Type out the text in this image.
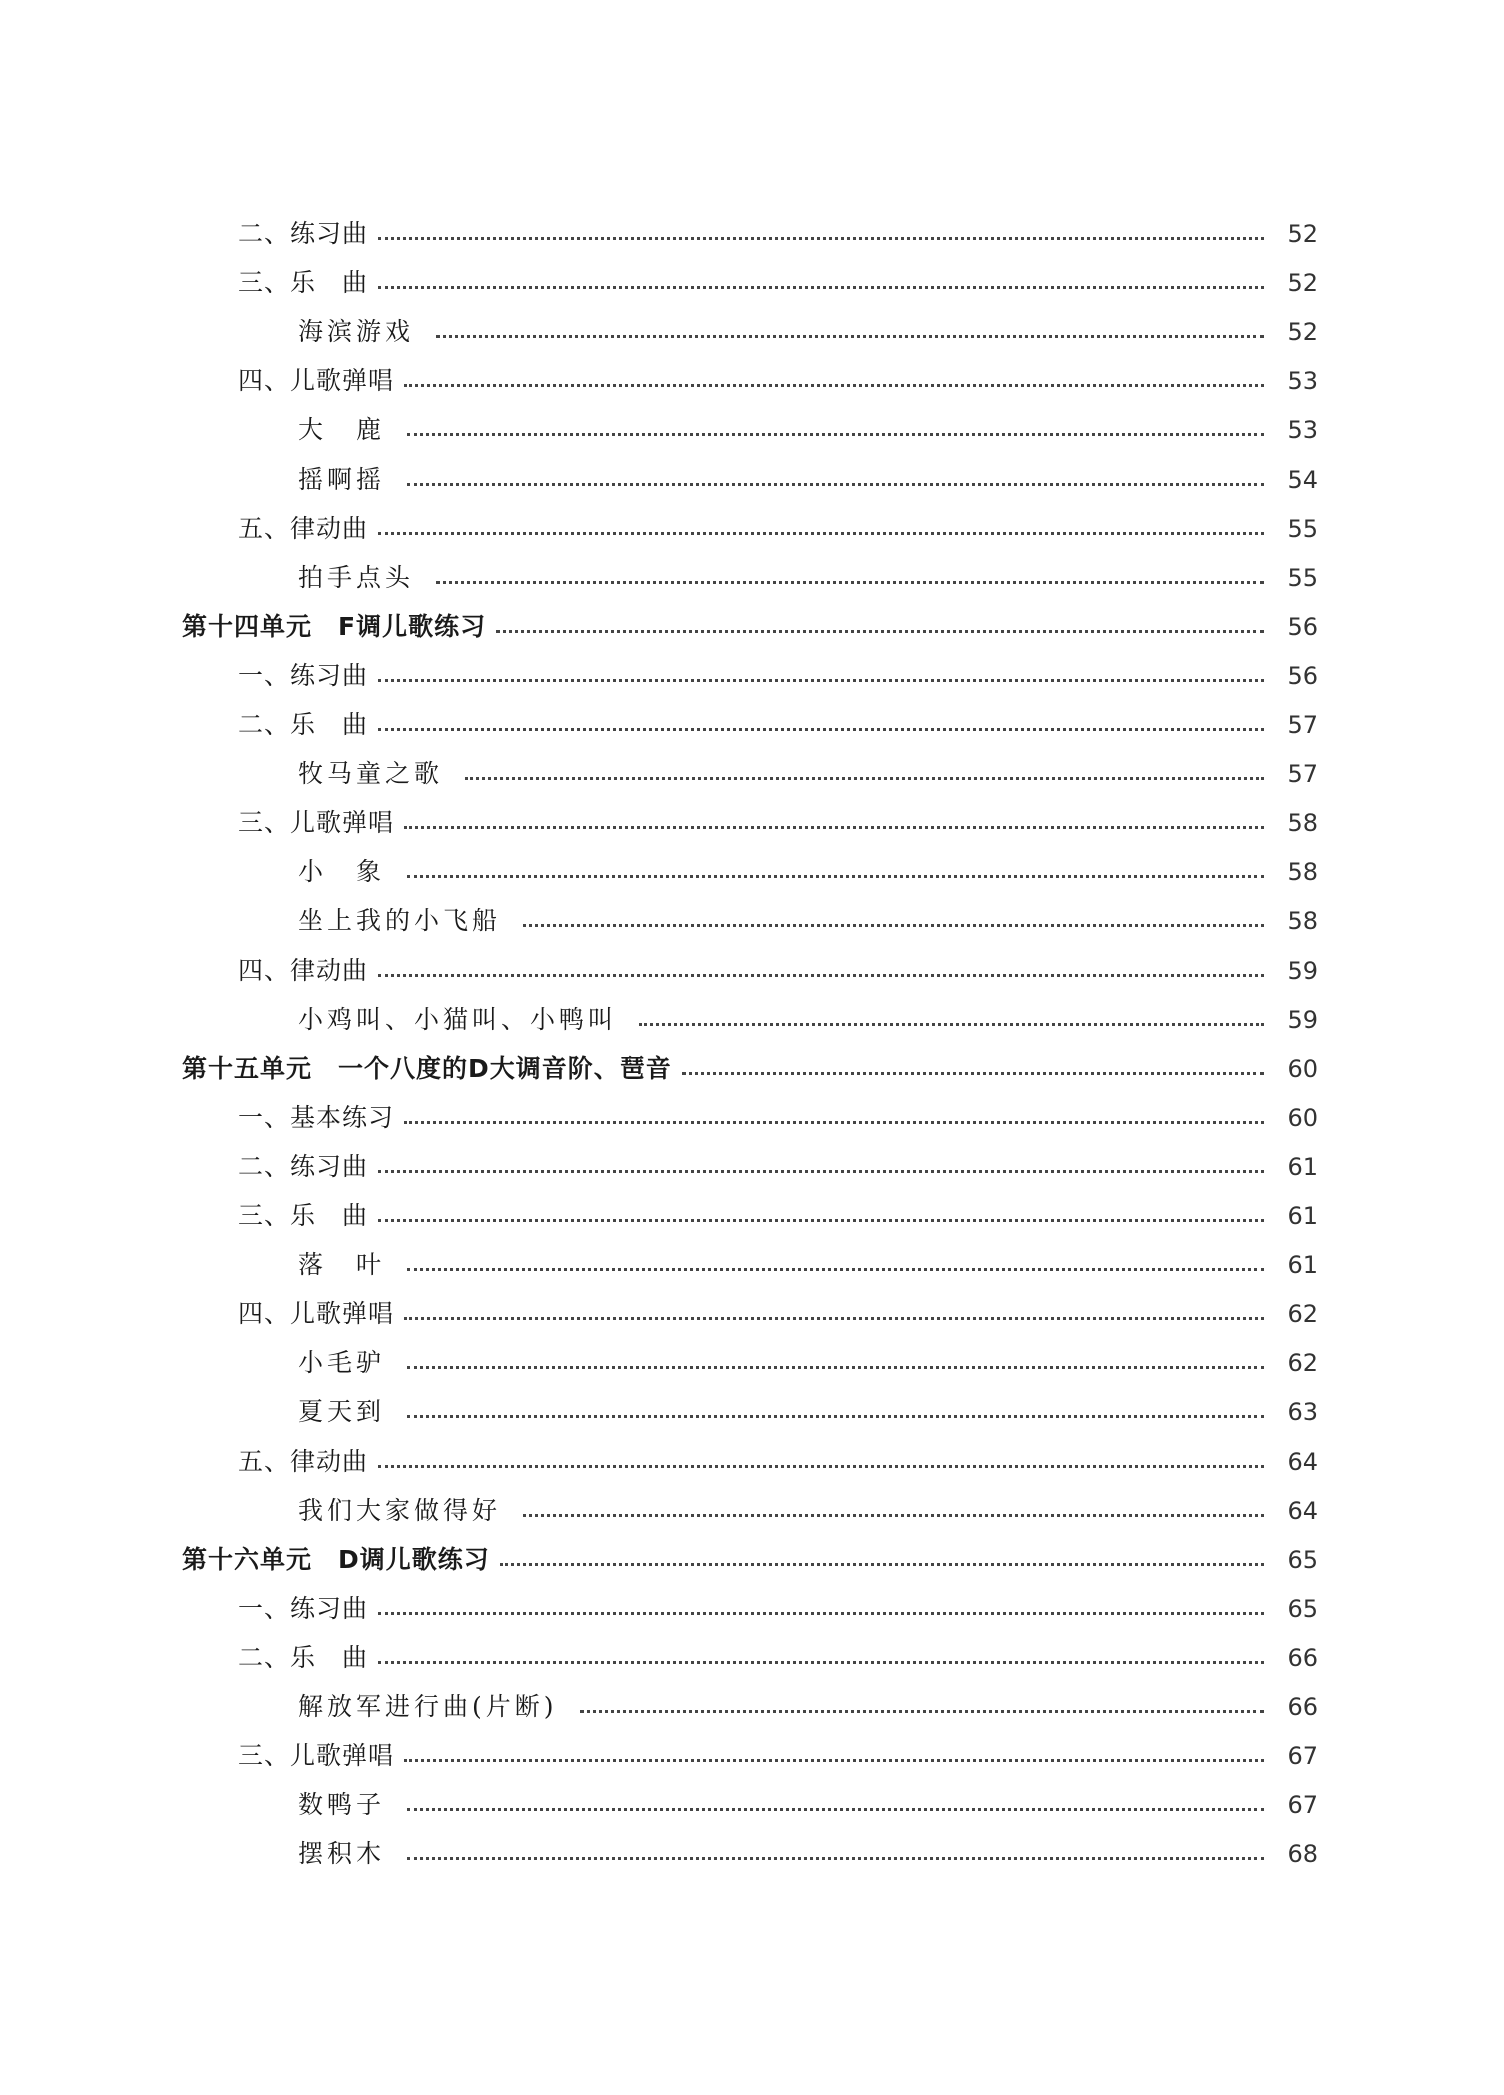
二、练习曲	52
三、乐　曲	52
海滨游戏	52
四、儿歌弹唱	53
大　鹿	53
摇啊摇	54
五、律动曲	55
拍手点头	55
第十四单元　F调儿歌练习	56
一、练习曲	56
二、乐　曲	57
牧马童之歌	57
三、儿歌弹唱	58
小　象	58
坐上我的小飞船	58
四、律动曲	59
小鸡叫、小猫叫、小鸭叫	59
第十五单元　一个八度的D大调音阶、琶音	60
一、基本练习	60
二、练习曲	61
三、乐　曲	61
落　叶	61
四、儿歌弹唱	62
小毛驴	62
夏天到	63
五、律动曲	64
我们大家做得好	64
第十六单元　D调儿歌练习	65
一、练习曲	65
二、乐　曲	66
解放军进行曲(片断)	66
三、儿歌弹唱	67
数鸭子	67
摆积木	68
